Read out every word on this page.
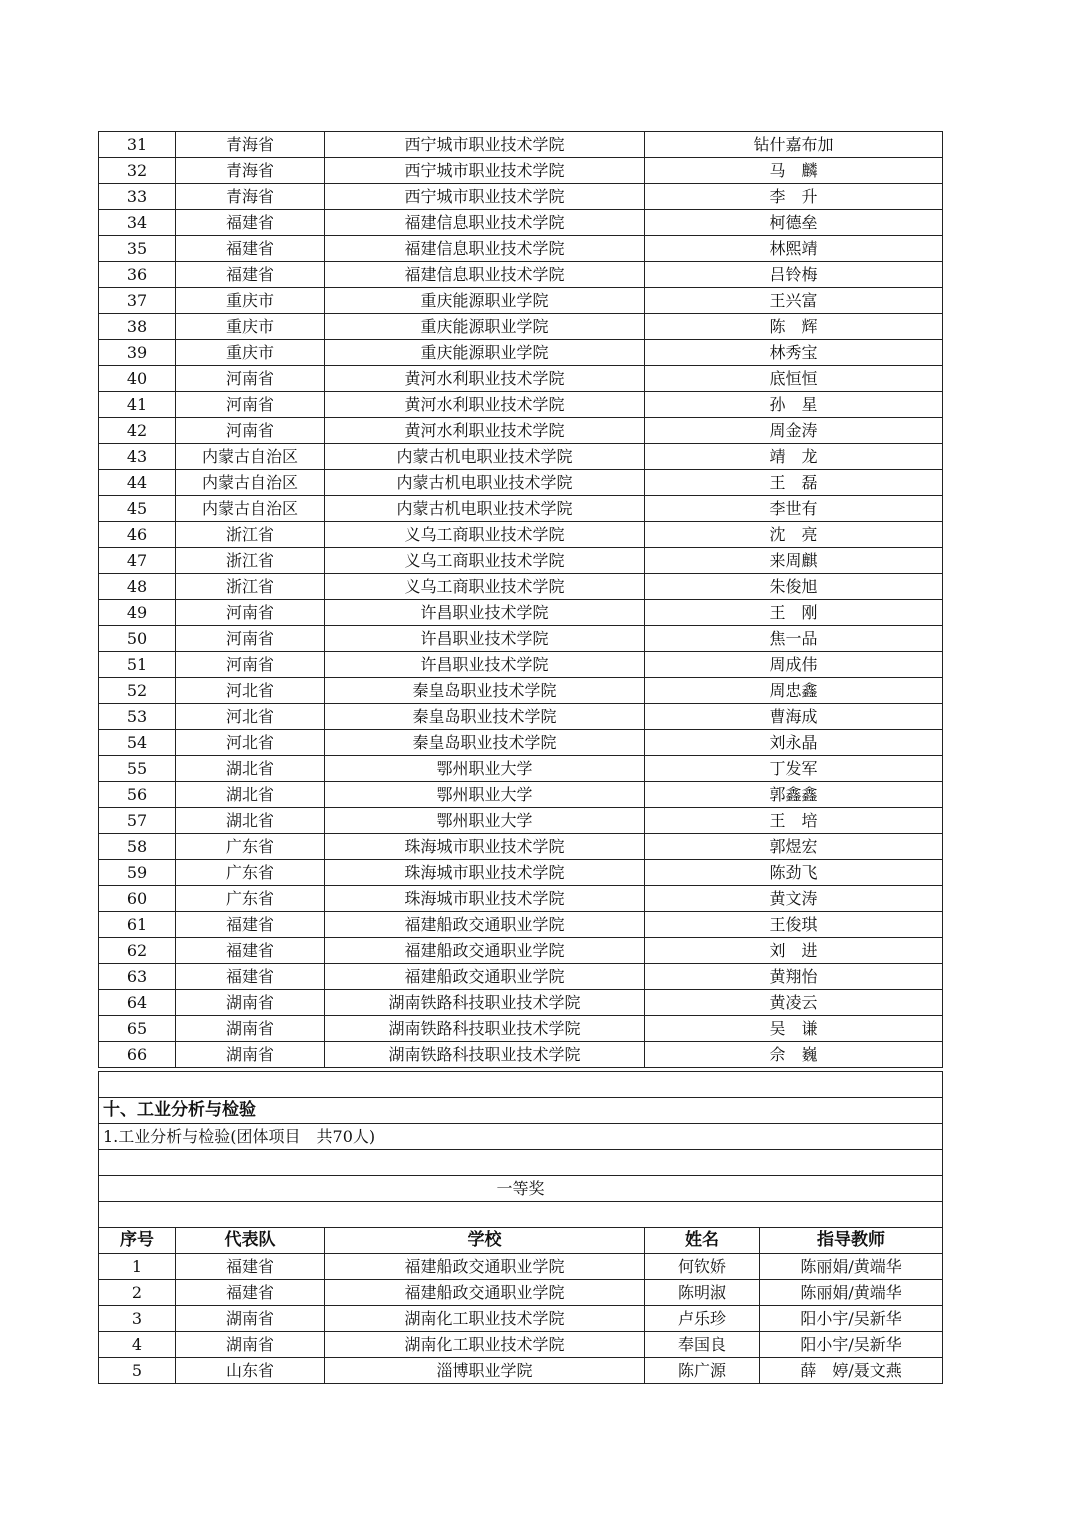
31	青海省	西宁城市职业技术学院	钻什嘉布加
32	青海省	西宁城市职业技术学院	马　麟
33	青海省	西宁城市职业技术学院	李　升
34	福建省	福建信息职业技术学院	柯德垒
35	福建省	福建信息职业技术学院	林熙靖
36	福建省	福建信息职业技术学院	吕铃梅
37	重庆市	重庆能源职业学院	王兴富
38	重庆市	重庆能源职业学院	陈　辉
39	重庆市	重庆能源职业学院	林秀宝
40	河南省	黄河水利职业技术学院	底恒恒
41	河南省	黄河水利职业技术学院	孙　星
42	河南省	黄河水利职业技术学院	周金涛
43	内蒙古自治区	内蒙古机电职业技术学院	靖　龙
44	内蒙古自治区	内蒙古机电职业技术学院	王　磊
45	内蒙古自治区	内蒙古机电职业技术学院	李世有
46	浙江省	义乌工商职业技术学院	沈　亮
47	浙江省	义乌工商职业技术学院	来周麒
48	浙江省	义乌工商职业技术学院	朱俊旭
49	河南省	许昌职业技术学院	王　刚
50	河南省	许昌职业技术学院	焦一品
51	河南省	许昌职业技术学院	周成伟
52	河北省	秦皇岛职业技术学院	周忠鑫
53	河北省	秦皇岛职业技术学院	曹海成
54	河北省	秦皇岛职业技术学院	刘永晶
55	湖北省	鄂州职业大学	丁发军
56	湖北省	鄂州职业大学	郭鑫鑫
57	湖北省	鄂州职业大学	王　培
58	广东省	珠海城市职业技术学院	郭煜宏
59	广东省	珠海城市职业技术学院	陈劲飞
60	广东省	珠海城市职业技术学院	黄文涛
61	福建省	福建船政交通职业学院	王俊琪
62	福建省	福建船政交通职业学院	刘　进
63	福建省	福建船政交通职业学院	黄翔怡
64	湖南省	湖南铁路科技职业技术学院	黄凌云
65	湖南省	湖南铁路科技职业技术学院	吴　谦
66	湖南省	湖南铁路科技职业技术学院	佘　巍

十、工业分析与检验				
1.工业分析与检验(团体项目　共70人)				

一等奖				

序号	代表队	学校	姓名	指导教师
1	福建省	福建船政交通职业学院	何钦娇	陈丽娟/黄端华
2	福建省	福建船政交通职业学院	陈明淑	陈丽娟/黄端华
3	湖南省	湖南化工职业技术学院	卢乐珍	阳小宇/吴新华
4	湖南省	湖南化工职业技术学院	奉国良	阳小宇/吴新华
5	山东省	淄博职业学院	陈广源	薛　婷/聂文燕
